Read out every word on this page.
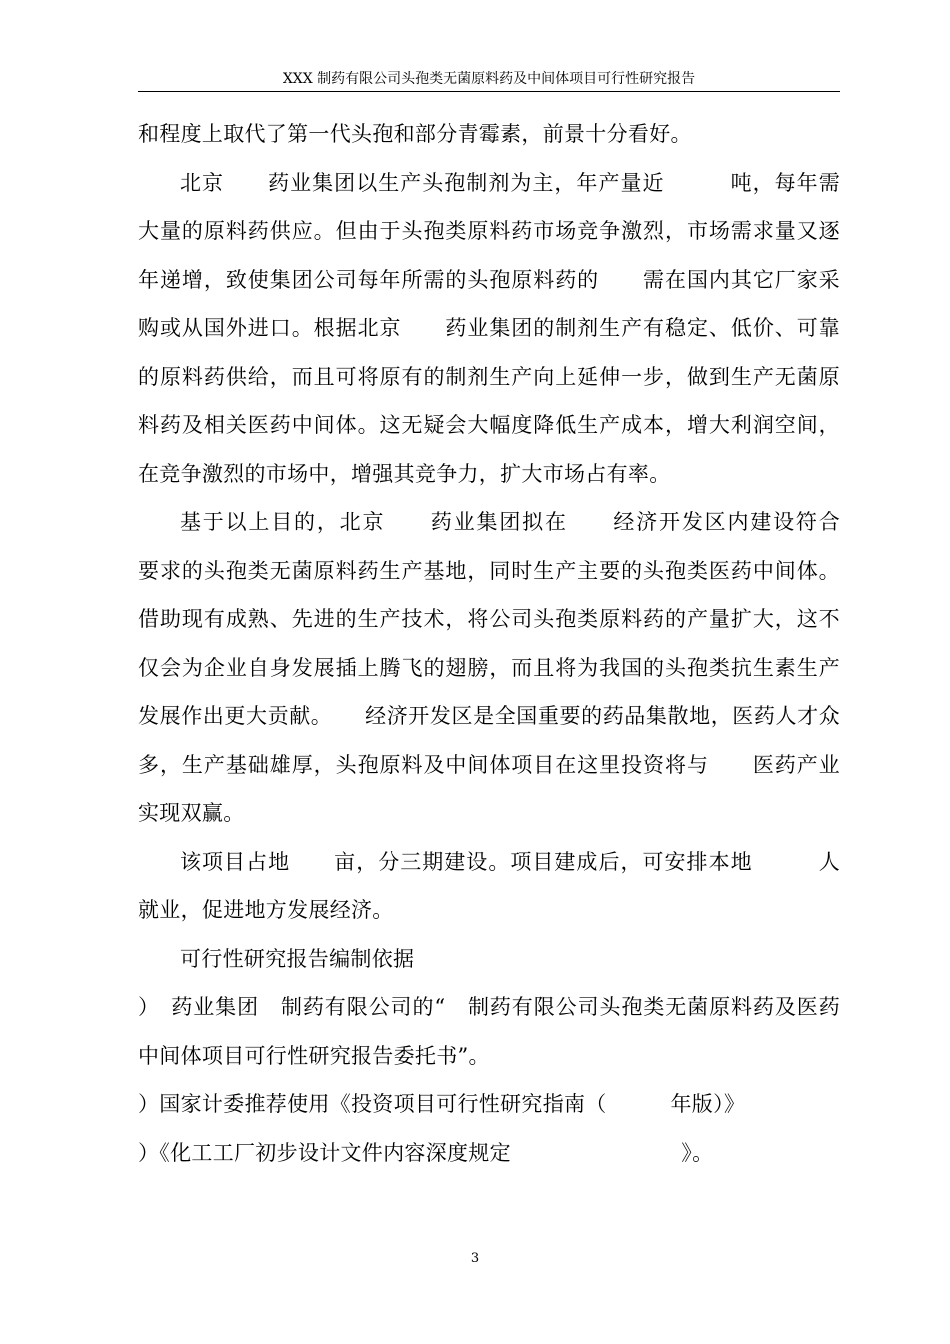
XXX 制药有限公司头孢类无菌原料药及中间体项目可行性研究报告

和程度上取代了第一代头孢和部分青霉素，前景十分看好。

北京　　药业集团以生产头孢制剂为主，年产量近　　　吨，每年需大量的原料药供应。但由于头孢类原料药市场竞争激烈，市场需求量又逐年递增，致使集团公司每年所需的头孢原料药的　　需在国内其它厂家采购或从国外进口。根据北京　　药业集团的制剂生产有稳定、低价、可靠的原料药供给，而且可将原有的制剂生产向上延伸一步，做到生产无菌原料药及相关医药中间体。这无疑会大幅度降低生产成本，增大利润空间，在竞争激烈的市场中，增强其竞争力，扩大市场占有率。

基于以上目的，北京　　药业集团拟在　　经济开发区内建设符合　　　　要求的头孢类无菌原料药生产基地，同时生产主要的头孢类医药中间体。借助现有成熟、先进的生产技术，将公司头孢类原料药的产量扩大，这不仅会为企业自身发展插上腾飞的翅膀，而且将为我国的头孢类抗生素生产发展作出更大贡献。　　经济开发区是全国重要的药品集散地，医药人才众多，生产基础雄厚，头孢原料及中间体项目在这里投资将与　　医药产业实现双赢。

该项目占地　　亩，分三期建设。项目建成后，可安排本地　　　人就业，促进地方发展经济。

可行性研究报告编制依据

）　药业集团　制药有限公司的“　制药有限公司头孢类无菌原料药及医药中间体项目可行性研究报告委托书”。

）国家计委推荐使用《投资项目可行性研究指南（　　　年版）》

）《化工工厂初步设计文件内容深度规定　　　　　　　　》。

3
